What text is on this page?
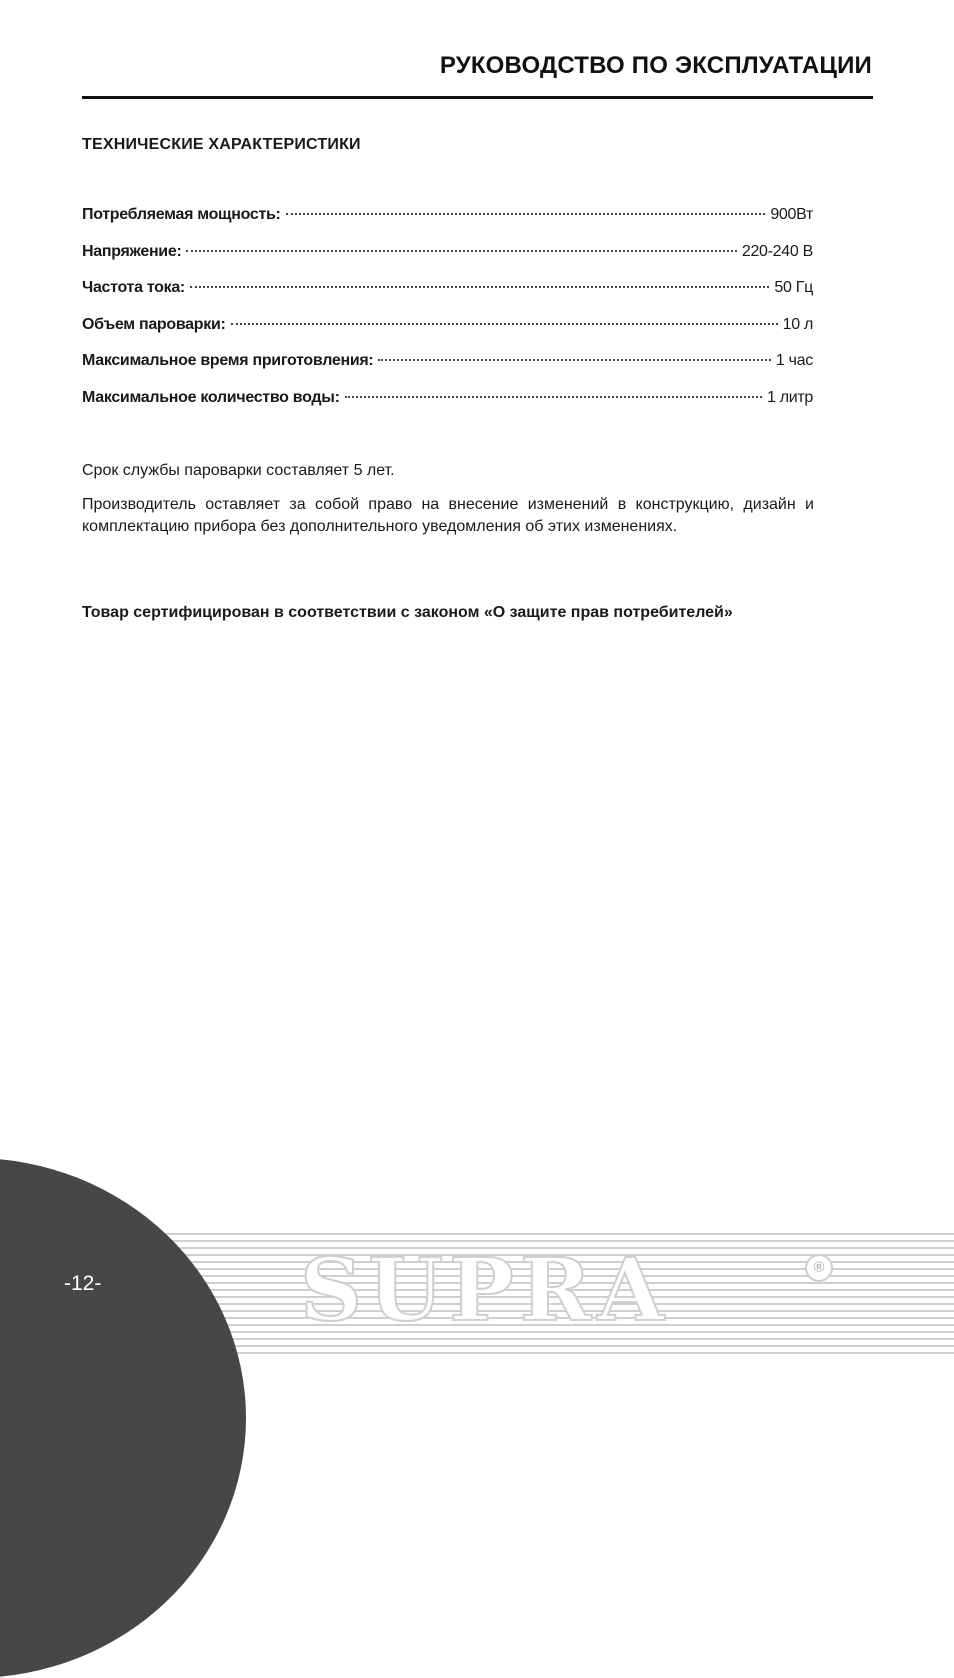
РУКОВОДСТВО ПО ЭКСПЛУАТАЦИИ
ТЕХНИЧЕСКИЕ ХАРАКТЕРИСТИКИ
Потребляемая мощность:	900Вт
Напряжение:	220-240 В
Частота тока:	50 Гц
Объем пароварки:	10 л
Максимальное время приготовления:	1 час
Максимальное количество воды:	1 литр

Срок службы пароварки составляет 5 лет.

Производитель оставляет за собой право на внесение изменений в конструкцию, дизайн и комплектацию прибора без дополнительного уведомления об этих изменениях.

Товар сертифицирован в соответствии с законом «О защите прав потребителей»
SUPRA	®
-12-
